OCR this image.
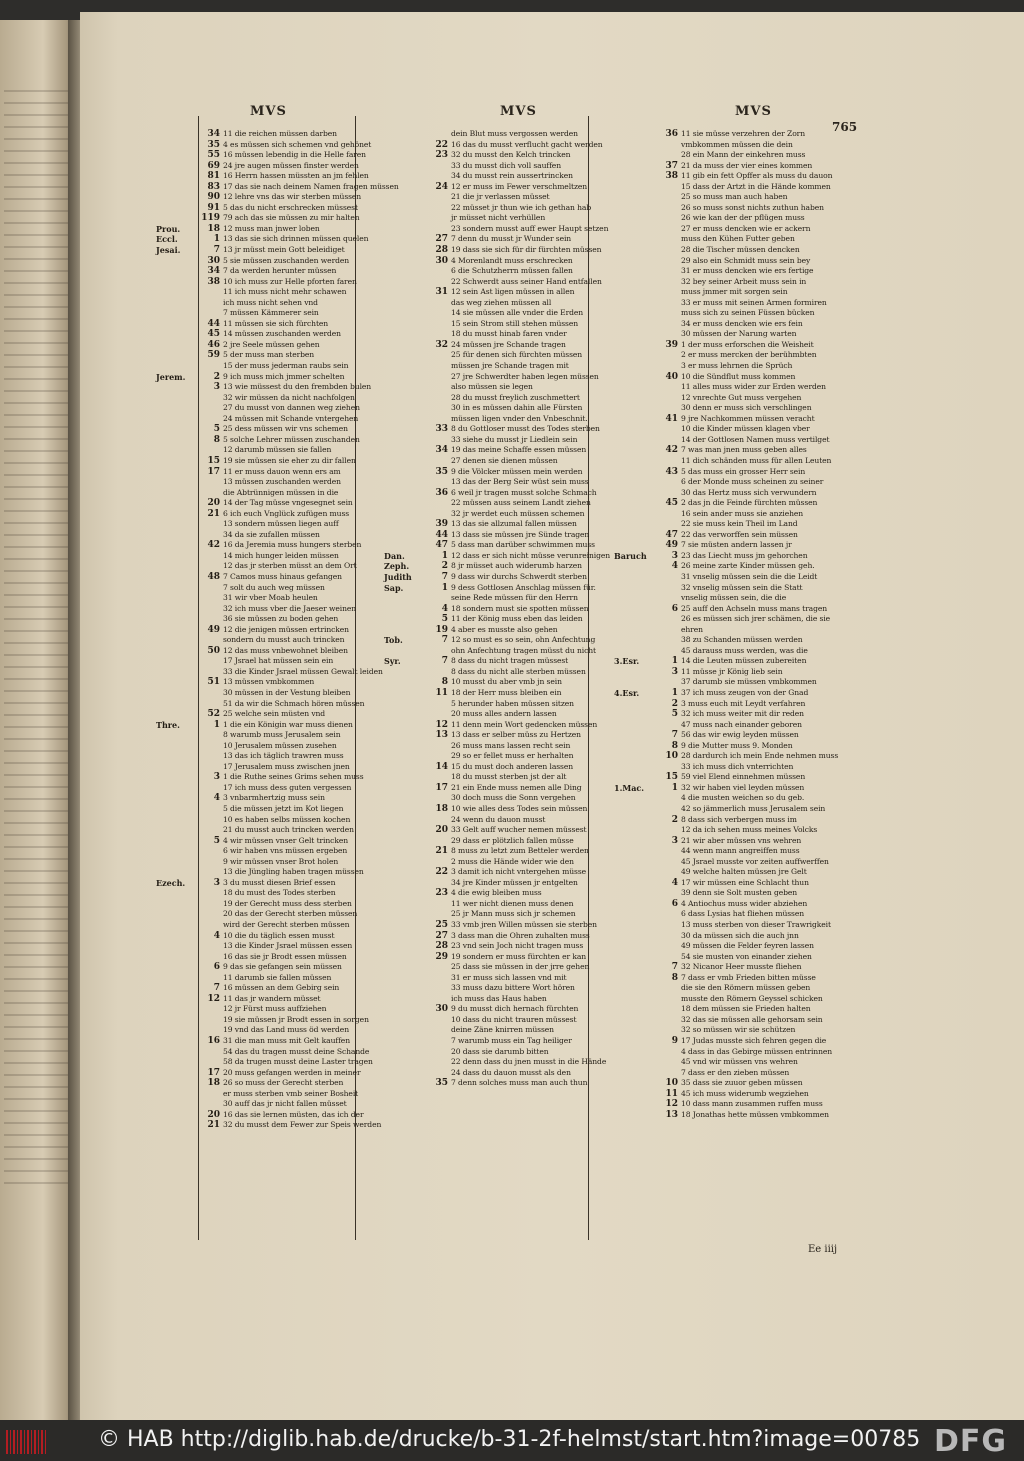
MVS	MVS	MVS
765
34 11 die reichen müssen darben
35 4 es müssen sich schemen vnd gehönet
55 16 müssen lebendig in die Helle faren
69 24 jre augen müssen finster werden
81 16 Herrn hassen müssten an jm fehlen
83 17 das sie nach deinem Namen fragen müssen
90 12 lehre vns das wir sterben müssen
91 5 das du nicht erschrecken müssest
119 79 ach das sie müssen zu mir halten
Prou.	18 12 muss man jnwer loben
Eccl.	1 13 das sie sich drinnen müssen quelen
Jesai.	7 13 jr müsst mein Gott beleidiget
30 5 sie müssen zuschanden werden
34 7 da werden herunter müssen
38 10 ich muss zur Helle pforten faren
11 ich muss nicht mehr schawen
ich muss nicht sehen vnd
7 müssen Kämmerer sein
44 11 müssen sie sich fürchten
45 14 müssen zuschanden werden
46 2 jre Seele müssen gehen
59 5 der muss man sterben
15 der muss jederman raubs sein
Jerem.	2 9 ich muss mich jmmer schelten
3 13 wie müssest du den frembden bulen
32 wir müssen da nicht nachfolgen
27 du musst von dannen weg ziehen
24 müssen mit Schande vntergehen
5 25 dess müssen wir vns schemen
8 5 solche Lehrer müssen zuschanden
12 darumb müssen sie fallen
15 19 sie müssen sie eher zu dir fallen
17 11 er muss dauon wenn ers am
13 müssen zuschanden werden
die Abtrünnigen müssen in die
20 14 der Tag müsse vngesegnet sein
21 6 ich euch Vnglück zufügen muss
13 sondern müssen liegen auff
34 da sie zufallen müssen
42 16 da Jeremia muss hungers sterben
14 mich hunger leiden müssen
12 das jr sterben müsst an dem Ort
48 7 Camos muss hinaus gefangen
7 solt du auch weg müssen
31 wir vber Moab heulen
32 ich muss vber die Jaeser weinen
36 sie müssen zu boden gehen
49 12 die jenigen müssen ertrincken
sondern du musst auch trincken
50 12 das muss vnbewohnet bleiben
17 Jsrael hat müssen sein ein
33 die Kinder Jsrael müssen Gewalt leiden
51 13 müssen vmbkommen
30 müssen in der Vestung bleiben
51 da wir die Schmach hören müssen
52 25 welche sein müsten vnd
Thre.	1 1 die ein Königin war muss dienen
8 warumb muss Jerusalem sein
10 Jerusalem müssen zusehen
13 das ich täglich trawren muss
17 Jerusalem muss zwischen jnen
3 1 die Ruthe seines Grims sehen muss
17 ich muss dess guten vergessen
4 3 vnbarmhertzig muss sein
5 die müssen jetzt im Kot liegen
10 es haben selbs müssen kochen
21 du musst auch trincken werden
5 4 wir müssen vnser Gelt trincken
6 wir haben vns müssen ergeben
9 wir müssen vnser Brot holen
13 die Jüngling haben tragen müssen
Ezech.	3 3 du musst diesen Brief essen
18 du must des Todes sterben
19 der Gerecht muss dess sterben
20 das der Gerecht sterben müssen
wird der Gerecht sterben müssen
4 10 die du täglich essen musst
13 die Kinder Jsrael müssen essen
16 das sie jr Brodt essen müssen
6 9 das sie gefangen sein müssen
11 darumb sie fallen müssen
7 16 müssen an dem Gebirg sein
12 11 das jr wandern müsset
12 jr Fürst muss auffziehen
19 sie müssen jr Brodt essen in sorgen
19 vnd das Land muss öd werden
16 31 die man muss mit Gelt kauffen
54 das du tragen musst deine Schande
58 da trugen musst deine Laster tragen
17 20 muss gefangen werden in meiner
18 26 so muss der Gerecht sterben
er muss sterben vmb seiner Bosheit
30 auff das jr nicht fallen müsset
20 16 das sie lernen müsten, das ich der
21 32 du musst dem Fewer zur Speis werden
dein Blut muss vergossen werden
22 16 das du musst verflucht gacht werden
23 32 du musst den Kelch trincken
33 du musst dich voll sauffen
34 du musst rein aussertrincken
24 12 er muss im Fewer verschmeltzen
21 die jr verlassen müsset
22 müsset jr thun wie ich gethan hab
jr müsset nicht verhüllen
23 sondern musst auff ewer Haupt setzen
27 7 denn du musst jr Wunder sein
28 19 dass sie sich für dir fürchten müssen
30 4 Morenlandt muss erschrecken
6 die Schutzherrn müssen fallen
22 Schwerdt auss seiner Hand entfallen
31 12 sein Ast ligen müssen in allen
das weg ziehen müssen all
14 sie müssen alle vnder die Erden
15 sein Strom still stehen müssen
18 du musst hinab faren vnder
32 24 müssen jre Schande tragen
25 für denen sich fürchten müssen
müssen jre Schande tragen mit
27 jre Schwerdter haben legen müssen
also müssen sie legen
28 du musst freylich zuschmettert
30 in es müssen dahin alle Fürsten
müssen ligen vnder den Vnbeschnit.
33 8 du Gottloser musst des Todes sterben
33 siehe du musst jr Liedlein sein
34 19 das meine Schaffe essen müssen
27 denen sie dienen müssen
35 9 die Völcker müssen mein werden
13 das der Berg Seir wüst sein muss
36 6 weil jr tragen musst solche Schmach
22 müssen auss seinem Landt ziehen
32 jr werdet euch müssen schemen
39 13 das sie allzumal fallen müssen
44 13 dass sie müssen jre Sünde tragen
47 5 dass man darüber schwimmen muss
Dan.	1 12 dass er sich nicht müsse verunreinigen
Zeph.	2 8 jr müsset auch widerumb harzen
Judith	7 9 dass wir durchs Schwerdt sterben
Sap.	1 9 dess Gottlosen Anschlag müssen für.
seine Rede müssen für den Herrn
4 18 sondern must sie spotten müssen
5 11 der König muss eben das leiden
19 4 aber es musste also gehen
Tob.	7 12 so must es so sein, ohn Anfechtung
ohn Anfechtung tragen müsst du nicht
Syr.	7 8 dass du nicht tragen müssest
8 dass du nicht alle sterben müssen
8 10 musst du aber vmb jn sein
11 18 der Herr muss bleiben ein
5 herunder haben müssen sitzen
20 muss alles andern lassen
12 11 denn mein Wort gedencken müssen
13 13 dass er selber müss zu Hertzen
26 muss mans lassen recht sein
29 so er fellet muss er herhalten
14 15 du must doch anderen lassen
18 du musst sterben jst der alt
17 21 ein Ende muss nemen alle Ding
30 doch muss die Sonn vergehen
18 10 wie alles dess Todes sein müssen
24 wenn du dauon musst
20 33 Gelt auff wucher nemen müssest
29 dass er plötzlich fallen müsse
21 8 muss zu letzt zum Betteler werden
2 muss die Hände wider wie den
22 3 damit ich nicht vntergehen müsse
34 jre Kinder müssen jr entgelten
23 4 die ewig bleiben muss
11 wer nicht dienen muss denen
25 jr Mann muss sich jr schemen
25 33 vmb jren Willen müssen sie sterben
27 3 dass man die Ohren zuhalten muss
28 23 vnd sein Joch nicht tragen muss
29 19 sondern er muss fürchten er kan
25 dass sie müssen in der jrre gehen
31 er muss sich lassen vnd mit
33 muss dazu bittere Wort hören
ich muss das Haus haben
30 9 du musst dich hernach fürchten
10 dass du nicht trauren müssest
deine Zäne knirren müssen
7 warumb muss ein Tag heiliger
20 dass sie darumb bitten
22 denn dass du jnen musst in die Hände
24 dass du dauon musst als den
35 7 denn solches muss man auch thun
36 11 sie müsse verzehren der Zorn
vmbkommen müssen die dein
28 ein Mann der einkehren muss
37 21 da muss der vier eines kommen
38 11 gib ein fett Opffer als muss du dauon
15 dass der Artzt in die Hände kommen
25 so muss man auch haben
26 so muss sonst nichts zuthun haben
26 wie kan der der pflügen muss
27 er muss dencken wie er ackern
muss den Kühen Futter geben
28 die Tischer müssen dencken
29 also ein Schmidt muss sein bey
31 er muss dencken wie ers fertige
32 bey seiner Arbeit muss sein in
muss jmmer mit sorgen sein
33 er muss mit seinen Armen formiren
muss sich zu seinen Füssen bücken
34 er muss dencken wie ers fein
30 müssen der Narung warten
39 1 der muss erforschen die Weisheit
2 er muss mercken der berühmbten
3 er muss lehrnen die Sprüch
40 10 die Sündflut muss kommen
11 alles muss wider zur Erden werden
12 vnrechte Gut muss vergehen
30 denn er muss sich verschlingen
41 9 jre Nachkommen müssen veracht
10 die Kinder müssen klagen vber
14 der Gottlosen Namen muss vertilget
42 7 was man jnen muss geben alles
11 dich schänden muss für allen Leuten
43 5 das muss ein grosser Herr sein
6 der Monde muss scheinen zu seiner
30 das Hertz muss sich verwundern
45 2 das jn die Feinde fürchten müssen
16 sein ander muss sie anziehen
22 sie muss kein Theil im Land
47 22 das verworffen sein müssen
49 7 sie müsten andern lassen jr
Baruch	3 23 das Liecht muss jm gehorchen
4 26 meine zarte Kinder müssen geh.
31 vnselig müssen sein die die Leidt
32 vnselig müssen sein die Statt
vnselig müssen sein, die die
6 25 auff den Achseln muss mans tragen
26 es müssen sich jrer schämen, die sie
ehren
38 zu Schanden müssen werden
45 darauss muss werden, was die
3.Esr.	1 14 die Leuten müssen zubereiten
3 11 müsse jr König lieb sein
37 darumb sie müssen vmbkommen
4.Esr.	1 37 ich muss zeugen von der Gnad
2 3 muss euch mit Leydt verfahren
5 32 ich muss weiter mit dir reden
47 muss nach einander geboren
7 56 das wir ewig leyden müssen
8 9 die Mutter muss 9. Monden
10 28 dardurch ich mein Ende nehmen muss
33 ich muss dich vnterrichten
15 59 viel Elend einnehmen müssen
1.Mac.	1 32 wir haben viel leyden müssen
4 die musten weichen so du geb.
42 so jämmerlich muss Jerusalem sein
2 8 dass sich verbergen muss im
12 da ich sehen muss meines Volcks
3 21 wir aber müssen vns wehren
44 wenn mann angreiffen muss
45 Jsrael musste vor zeiten auffwerffen
49 welche halten müssen jre Gelt
4 17 wir müssen eine Schlacht thun
39 denn sie Solt musten geben
6 4 Antiochus muss wider abziehen
6 dass Lysias hat fliehen müssen
13 muss sterben von dieser Trawrigkeit
30 da müssen sich die auch jnn
49 müssen die Felder feyren lassen
54 sie musten von einander ziehen
7 32 Nicanor Heer musste fliehen
8 7 dass er vmb Frieden bitten müsse
die sie den Römern müssen geben
musste den Römern Geyssel schicken
18 dem müssen sie Frieden halten
32 das sie müssen alle gehorsam sein
32 so müssen wir sie schützen
9 17 Judas musste sich fehren gegen die
4 dass in das Gebirge müssen entrinnen
45 vnd wir müssen vns wehren
7 dass er den zieben müssen
10 35 dass sie zuuor geben müssen
11 45 ich muss widerumb wegziehen
12 10 dass mann zusammen ruffen muss
13 18 Jonathas hette müssen vmbkommen
Ee iiij
© HAB http://diglib.hab.de/drucke/b-31-2f-helmst/start.htm?image=00785 DFG
